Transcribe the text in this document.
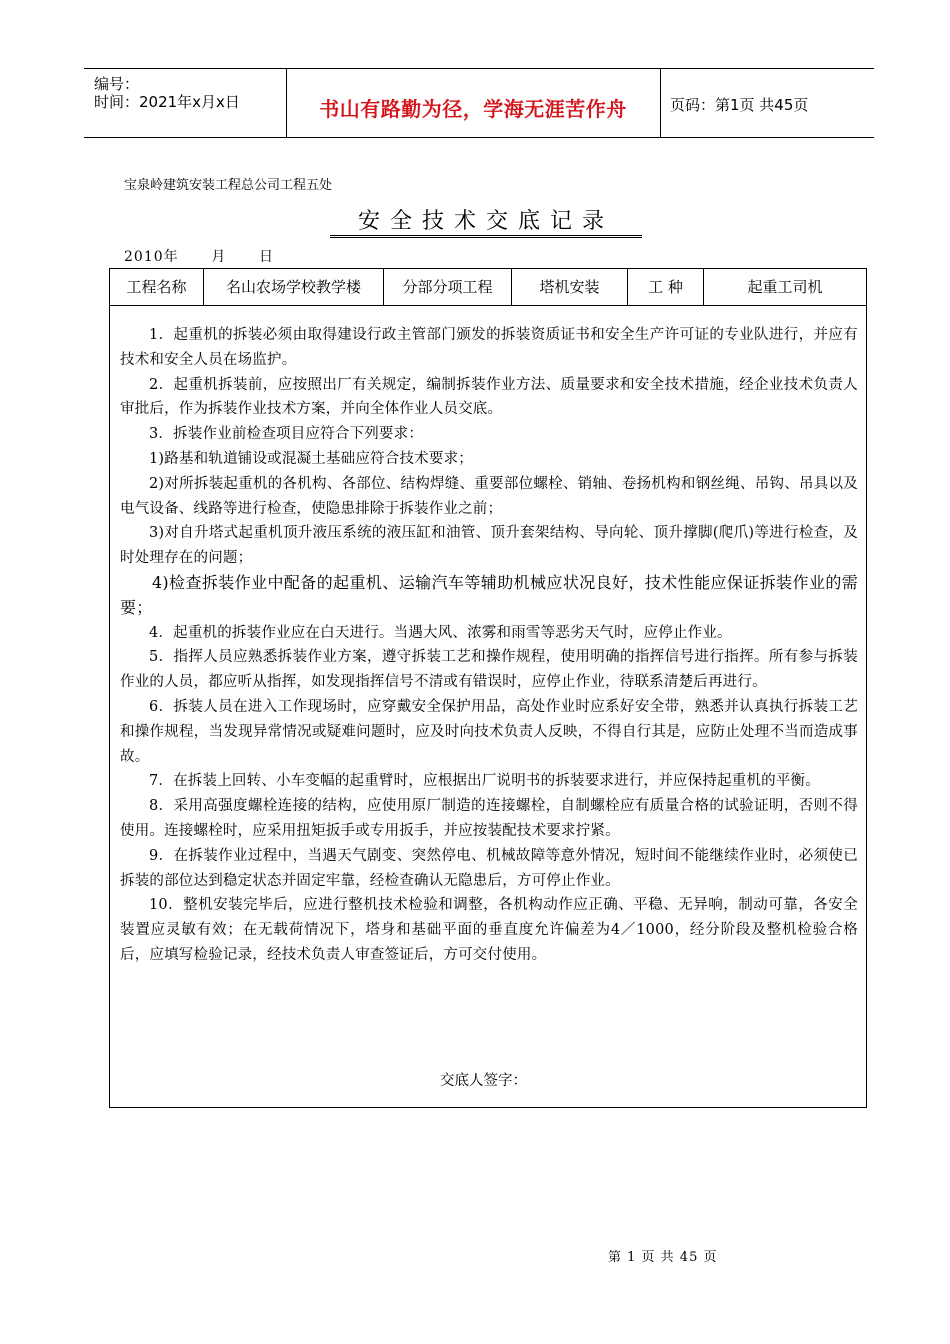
编号：
时间：2021年x月x日	书山有路勤为径，学海无涯苦作舟	页码：第1页 共45页
宝泉岭建筑安装工程总公司工程五处
安全技术交底记录
2010年      月      日
工程名称	名山农场学校教学楼	分部分项工程	塔机安装	工 种	起重工司机

1．起重机的拆装必须由取得建设行政主管部门颁发的拆装资质证书和安全生产许可证的专业队进行，并应有技术和安全人员在场监护。

2．起重机拆装前，应按照出厂有关规定，编制拆装作业方法、质量要求和安全技术措施，经企业技术负责人审批后，作为拆装作业技术方案，并向全体作业人员交底。

3．拆装作业前检查项目应符合下列要求：

1)路基和轨道铺设或混凝土基础应符合技术要求；

2)对所拆装起重机的各机构、各部位、结构焊缝、重要部位螺栓、销轴、卷扬机构和钢丝绳、吊钩、吊具以及电气设备、线路等进行检查，使隐患排除于拆装作业之前；

3)对自升塔式起重机顶升液压系统的液压缸和油管、顶升套架结构、导向轮、顶升撑脚(爬爪)等进行检查，及时处理存在的问题；

4)检查拆装作业中配备的起重机、运输汽车等辅助机械应状况良好，技术性能应保证拆装作业的需要；

4．起重机的拆装作业应在白天进行。当遇大风、浓雾和雨雪等恶劣天气时，应停止作业。

5．指挥人员应熟悉拆装作业方案，遵守拆装工艺和操作规程，使用明确的指挥信号进行指挥。所有参与拆装作业的人员，都应听从指挥，如发现指挥信号不清或有错误时，应停止作业，待联系清楚后再进行。

6．拆装人员在进入工作现场时，应穿戴安全保护用品，高处作业时应系好安全带，熟悉并认真执行拆装工艺和操作规程，当发现异常情况或疑难问题时，应及时向技术负责人反映，不得自行其是，应防止处理不当而造成事故。

7．在拆装上回转、小车变幅的起重臂时，应根据出厂说明书的拆装要求进行，并应保持起重机的平衡。

8．采用高强度螺栓连接的结构，应使用原厂制造的连接螺栓，自制螺栓应有质量合格的试验证明，否则不得使用。连接螺栓时，应采用扭矩扳手或专用扳手，并应按装配技术要求拧紧。

9．在拆装作业过程中，当遇天气剧变、突然停电、机械故障等意外情况，短时间不能继续作业时，必须使已拆装的部位达到稳定状态并固定牢靠，经检查确认无隐患后，方可停止作业。

10．整机安装完毕后，应进行整机技术检验和调整，各机构动作应正确、平稳、无异响，制动可靠，各安全装置应灵敏有效；在无载荷情况下，塔身和基础平面的垂直度允许偏差为4／1000，经分阶段及整机检验合格后，应填写检验记录，经技术负责人审查签证后，方可交付使用。

交底人签字：
第 1 页 共 45 页
